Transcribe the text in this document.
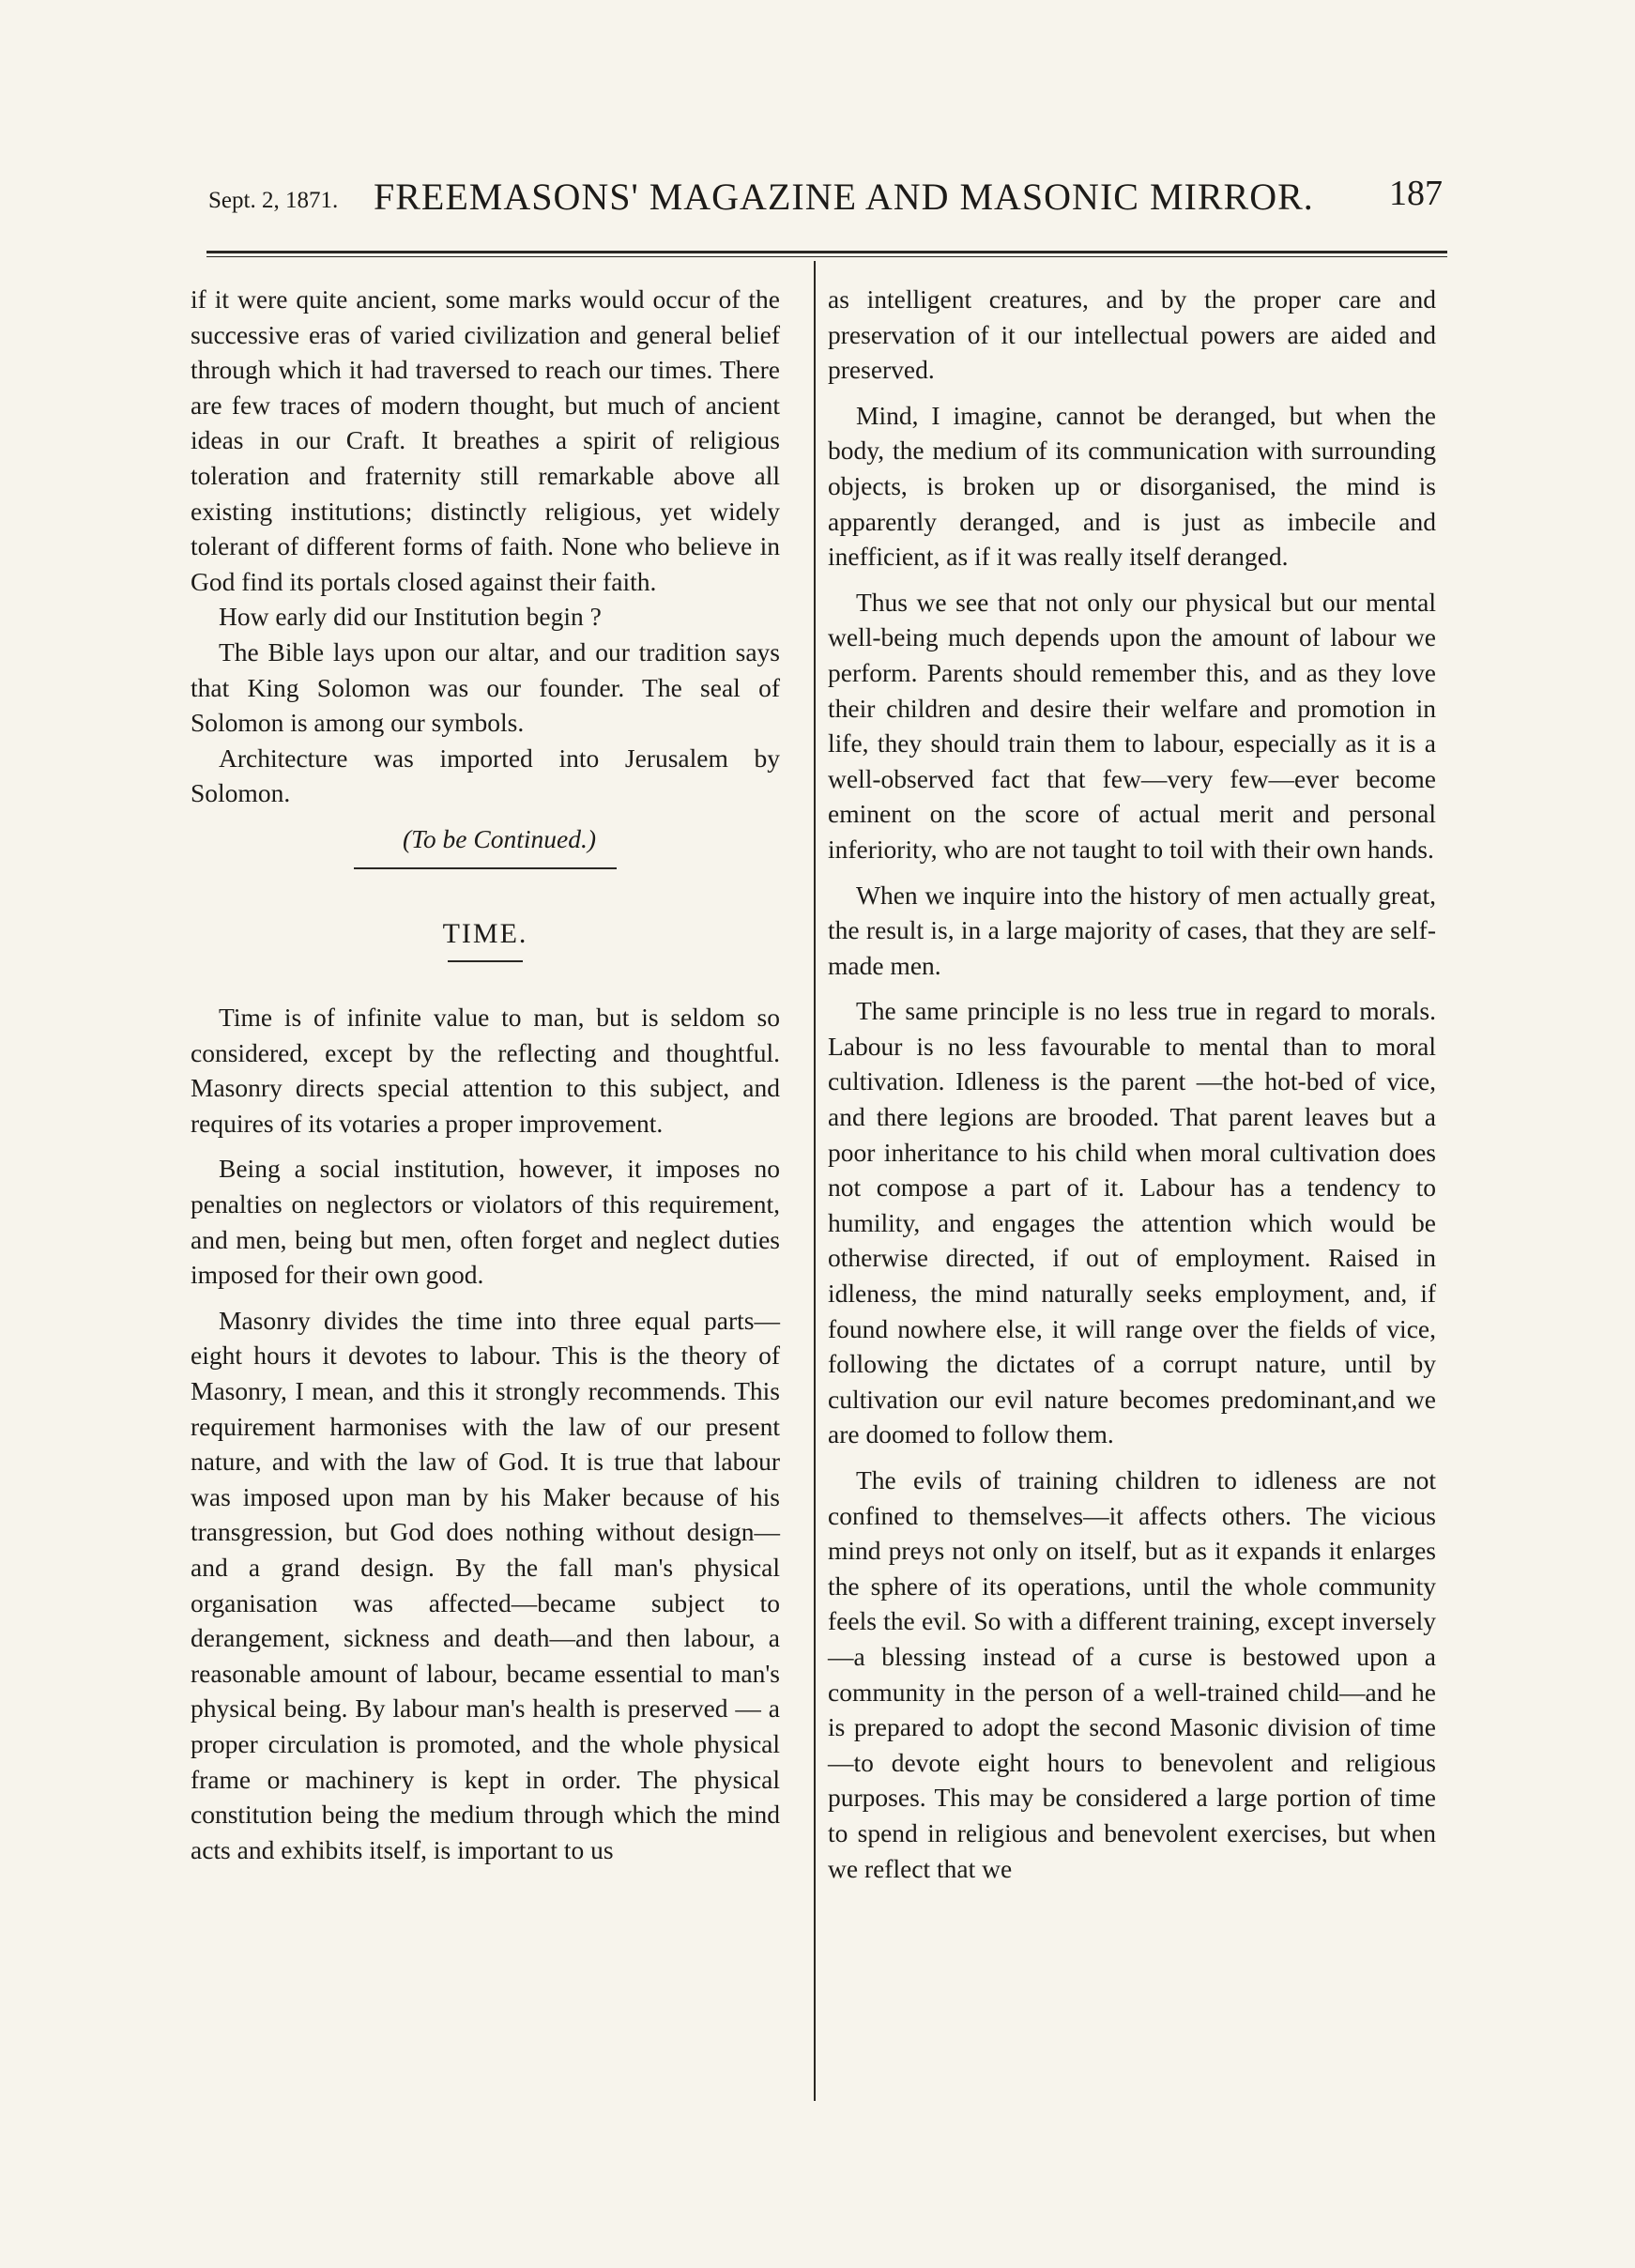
Sept. 2, 1871. FREEMASONS' MAGAZINE AND MASONIC MIRROR. 187

if it were quite ancient, some marks would occur of the successive eras of varied civilization and general belief through which it had traversed to reach our times. There are few traces of modern thought, but much of ancient ideas in our Craft. It breathes a spirit of religious toleration and fraternity still remarkable above all existing institutions; distinctly religious, yet widely tolerant of different forms of faith. None who believe in God find its portals closed against their faith.

How early did our Institution begin ?

The Bible lays upon our altar, and our tradition says that King Solomon was our founder. The seal of Solomon is among our symbols.

Architecture was imported into Jerusalem by Solomon.

(To be Continued.)

TIME.

Time is of infinite value to man, but is seldom so considered, except by the reflecting and thoughtful. Masonry directs special attention to this subject, and requires of its votaries a proper improvement.

Being a social institution, however, it imposes no penalties on neglectors or violators of this requirement, and men, being but men, often forget and neglect duties imposed for their own good.

Masonry divides the time into three equal parts—eight hours it devotes to labour. This is the theory of Masonry, I mean, and this it strongly recommends. This requirement harmonises with the law of our present nature, and with the law of God. It is true that labour was imposed upon man by his Maker because of his transgression, but God does nothing without design—and a grand design. By the fall man's physical organisation was affected—became subject to derangement, sickness and death—and then labour, a reasonable amount of labour, became essential to man's physical being. By labour man's health is preserved — a proper circulation is promoted, and the whole physical frame or machinery is kept in order. The physical constitution being the medium through which the mind acts and exhibits itself, is important to us

as intelligent creatures, and by the proper care and preservation of it our intellectual powers are aided and preserved.

Mind, I imagine, cannot be deranged, but when the body, the medium of its communication with surrounding objects, is broken up or disorganised, the mind is apparently deranged, and is just as imbecile and inefficient, as if it was really itself deranged.

Thus we see that not only our physical but our mental well-being much depends upon the amount of labour we perform. Parents should remember this, and as they love their children and desire their welfare and promotion in life, they should train them to labour, especially as it is a well-observed fact that few—very few—ever become eminent on the score of actual merit and personal inferiority, who are not taught to toil with their own hands.

When we inquire into the history of men actually great, the result is, in a large majority of cases, that they are self-made men.

The same principle is no less true in regard to morals. Labour is no less favourable to mental than to moral cultivation. Idleness is the parent —the hot-bed of vice, and there legions are brooded. That parent leaves but a poor inheritance to his child when moral cultivation does not compose a part of it. Labour has a tendency to humility, and engages the attention which would be otherwise directed, if out of employment. Raised in idleness, the mind naturally seeks employment, and, if found nowhere else, it will range over the fields of vice, following the dictates of a corrupt nature, until by cultivation our evil nature becomes predominant,and we are doomed to follow them.

The evils of training children to idleness are not confined to themselves—it affects others. The vicious mind preys not only on itself, but as it expands it enlarges the sphere of its operations, until the whole community feels the evil. So with a different training, except inversely—a blessing instead of a curse is bestowed upon a community in the person of a well-trained child—and he is prepared to adopt the second Masonic division of time—to devote eight hours to benevolent and religious purposes. This may be considered a large portion of time to spend in religious and benevolent exercises, but when we reflect that we
